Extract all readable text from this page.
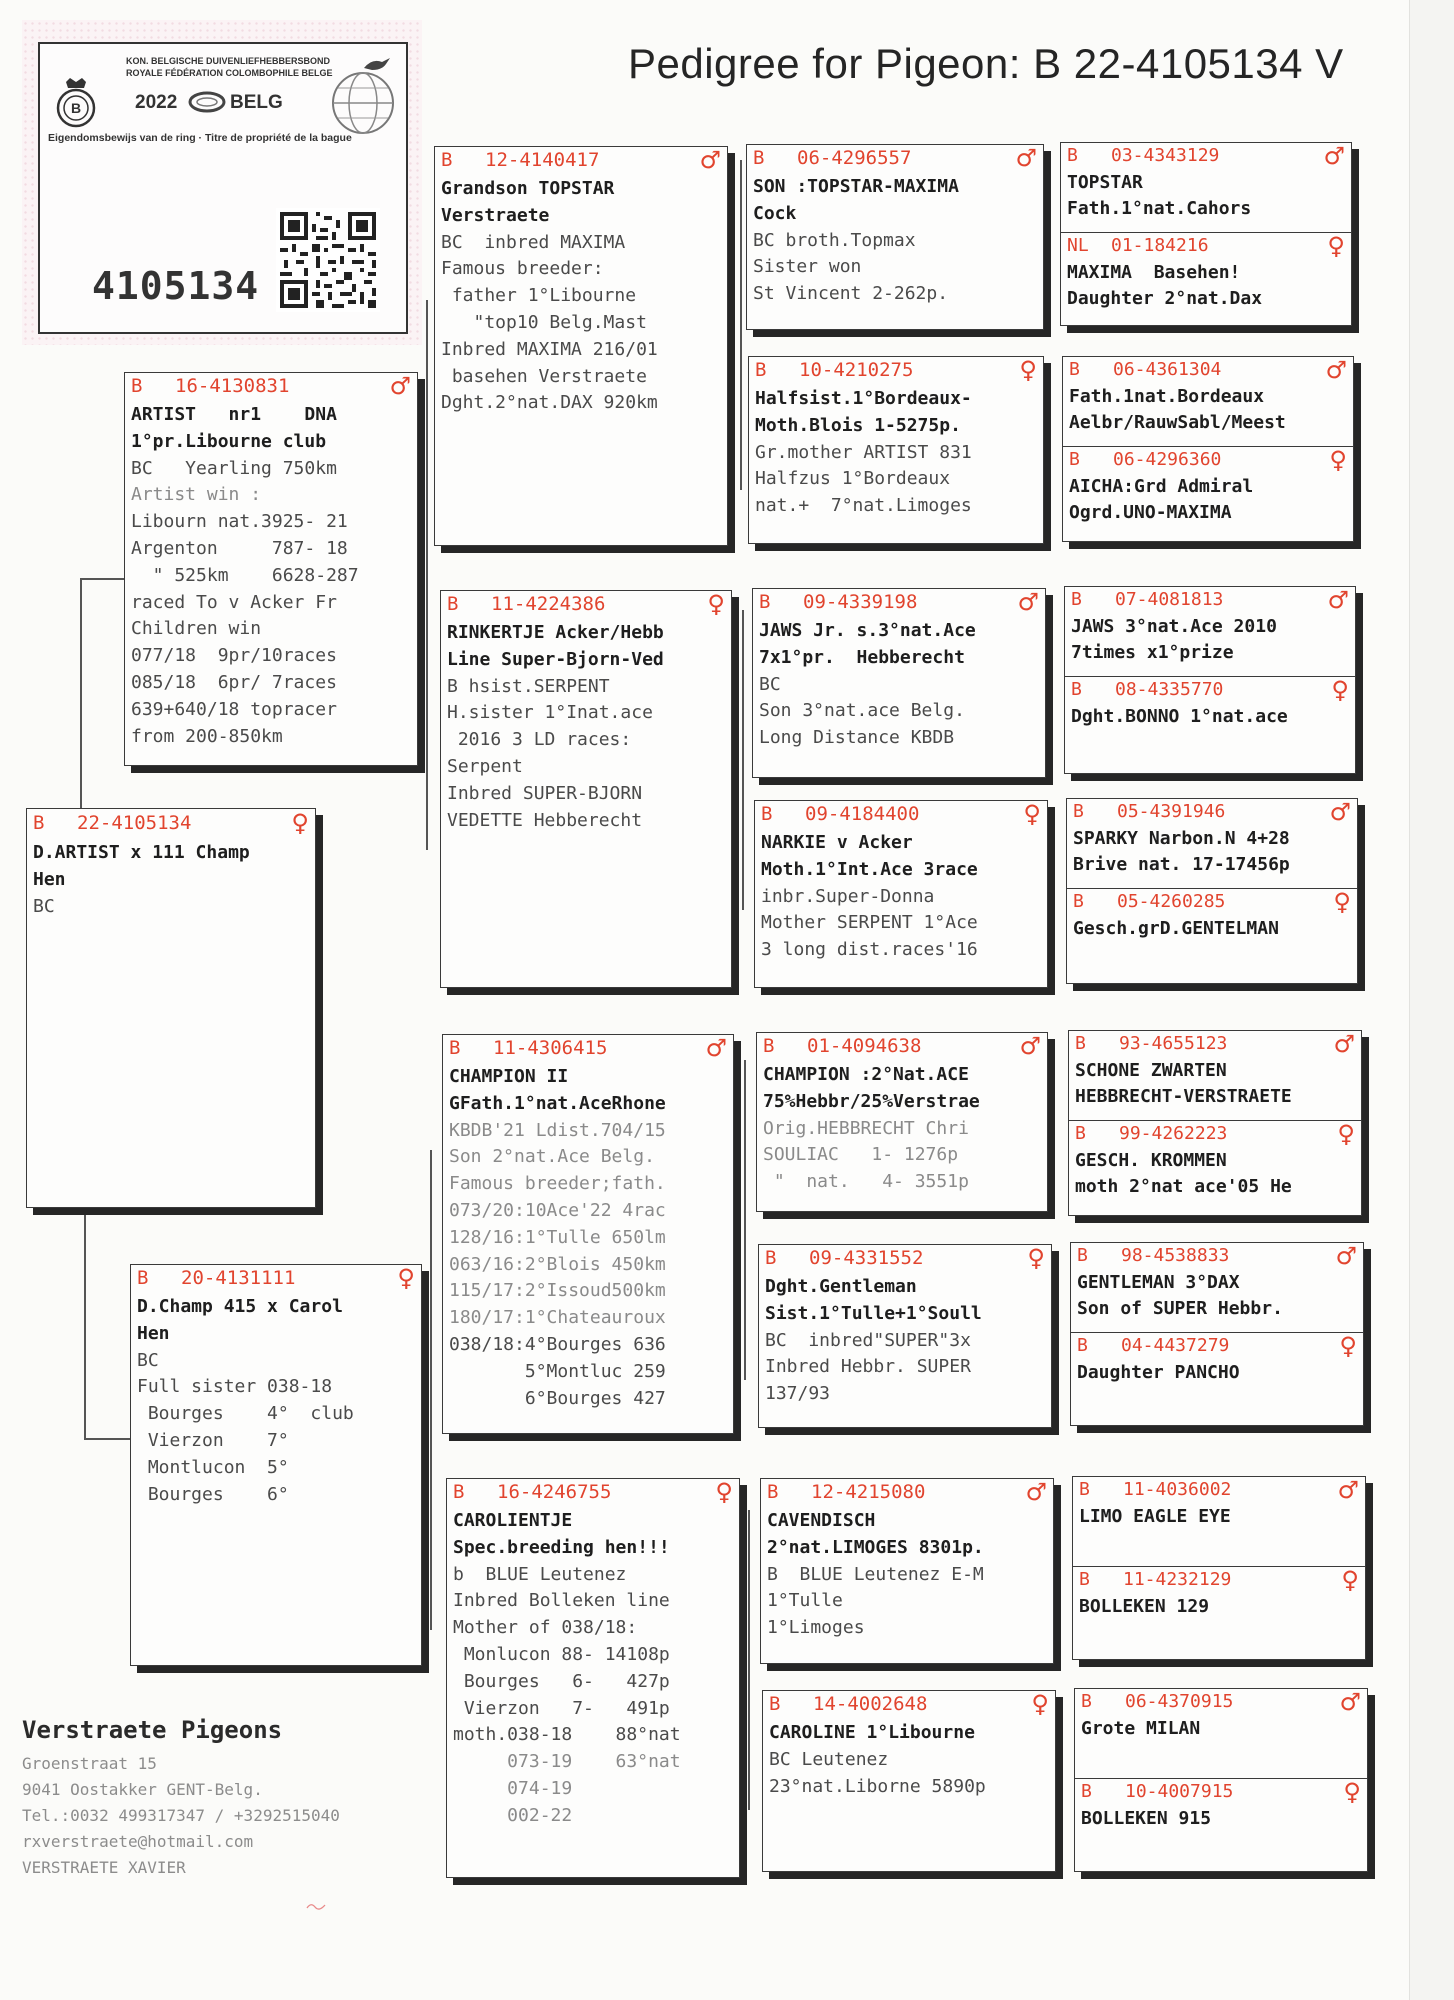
Pedigree for Pigeon: B 22-4105134 V
B
KON. BELGISCHE DUIVENLIEFHEBBERSBOND
ROYALE FÉDÉRATION COLOMBOPHILE BELGE
2022	BELG
Eigendomsbewijs van de ring · Titre de propriété de la bague
4105134
B	22-4105134	♀
D.ARTIST x 111 Champ
Hen
BC
B	16-4130831	♂
ARTIST   nr1    DNA
1°pr.Libourne club
BC   Yearling 750km
Artist win :
Libourn nat.3925- 21
Argenton     787- 18
" 525km    6628-287
raced To v Acker Fr
Children win
077/18  9pr/10races
085/18  6pr/ 7races
639+640/18 topracer
from 200-850km
B	20-4131111	♀
D.Champ 415 x Carol
Hen
BC
Full sister 038-18
Bourges    4°  club
Vierzon    7°
Montlucon  5°
Bourges    6°
B	12-4140417	♂
Grandson TOPSTAR
Verstraete
BC  inbred MAXIMA
Famous breeder:
father 1°Libourne
"top10 Belg.Mast
Inbred MAXIMA 216/01
basehen Verstraete
Dght.2°nat.DAX 920km
B	11-4224386	♀
RINKERTJE Acker/Hebb
Line Super-Bjorn-Ved
B hsist.SERPENT
H.sister 1°Inat.ace
2016 3 LD races:
Serpent
Inbred SUPER-BJORN
VEDETTE Hebberecht
B	11-4306415	♂
CHAMPION II
GFath.1°nat.AceRhone
KBDB'21 Ldist.704/15
Son 2°nat.Ace Belg.
Famous breeder;fath.
073/20:10Ace'22 4rac
128/16:1°Tulle 650lm
063/16:2°Blois 450km
115/17:2°Issoud500km
180/17:1°Chateauroux
038/18:4°Bourges 636
5°Montluc 259
6°Bourges 427
B	16-4246755	♀
CAROLIENTJE
Spec.breeding hen!!!
b  BLUE Leutenez
Inbred Bolleken line
Mother of 038/18:
Monlucon 88- 14108p
Bourges   6-   427p
Vierzon   7-   491p
moth.038-18    88°nat
073-19    63°nat
074-19
002-22
B	06-4296557	♂
SON :TOPSTAR-MAXIMA
Cock
BC broth.Topmax
Sister won
St Vincent 2-262p.
B	10-4210275	♀
Halfsist.1°Bordeaux-
Moth.Blois 1-5275p.
Gr.mother ARTIST 831
Halfzus 1°Bordeaux
nat.+  7°nat.Limoges
B	09-4339198	♂
JAWS Jr. s.3°nat.Ace
7x1°pr.  Hebberecht
BC
Son 3°nat.ace Belg.
Long Distance KBDB
B	09-4184400	♀
NARKIE v Acker
Moth.1°Int.Ace 3race
inbr.Super-Donna
Mother SERPENT 1°Ace
3 long dist.races'16
B	01-4094638	♂
CHAMPION :2°Nat.ACE
75%Hebbr/25%Verstrae
Orig.HEBBRECHT Chri
SOULIAC   1- 1276p
"  nat.   4- 3551p
B	09-4331552	♀
Dght.Gentleman
Sist.1°Tulle+1°Soull
BC  inbred"SUPER"3x
Inbred Hebbr. SUPER
137/93
B	12-4215080	♂
CAVENDISCH
2°nat.LIMOGES 8301p.
B  BLUE Leutenez E-M
1°Tulle
1°Limoges
B	14-4002648	♀
CAROLINE 1°Libourne
BC Leutenez
23°nat.Liborne 5890p
B	03-4343129	♂
TOPSTAR
Fath.1°nat.Cahors
NL	01-184216	♀
MAXIMA  Basehen!
Daughter 2°nat.Dax
B	06-4361304	♂
Fath.1nat.Bordeaux
Aelbr/RauwSabl/Meest
B	06-4296360	♀
AICHA:Grd Admiral
Ogrd.UNO-MAXIMA
B	07-4081813	♂
JAWS 3°nat.Ace 2010
7times x1°prize
B	08-4335770	♀
Dght.BONNO 1°nat.ace
B	05-4391946	♂
SPARKY Narbon.N 4+28
Brive nat. 17-17456p
B	05-4260285	♀
Gesch.grD.GENTELMAN
B	93-4655123	♂
SCHONE ZWARTEN
HEBBRECHT-VERSTRAETE
B	99-4262223	♀
GESCH. KROMMEN
moth 2°nat ace'05 He
B	98-4538833	♂
GENTLEMAN 3°DAX
Son of SUPER Hebbr.
B	04-4437279	♀
Daughter PANCHO
B	11-4036002	♂
LIMO EAGLE EYE
B	11-4232129	♀
BOLLEKEN 129
B	06-4370915	♂
Grote MILAN
B	10-4007915	♀
BOLLEKEN 915
Verstraete Pigeons
Groenstraat 15
9041 Oostakker GENT-Belg.
Tel.:0032 499317347 / +3292515040
rxverstraete@hotmail.com
VERSTRAETE XAVIER
